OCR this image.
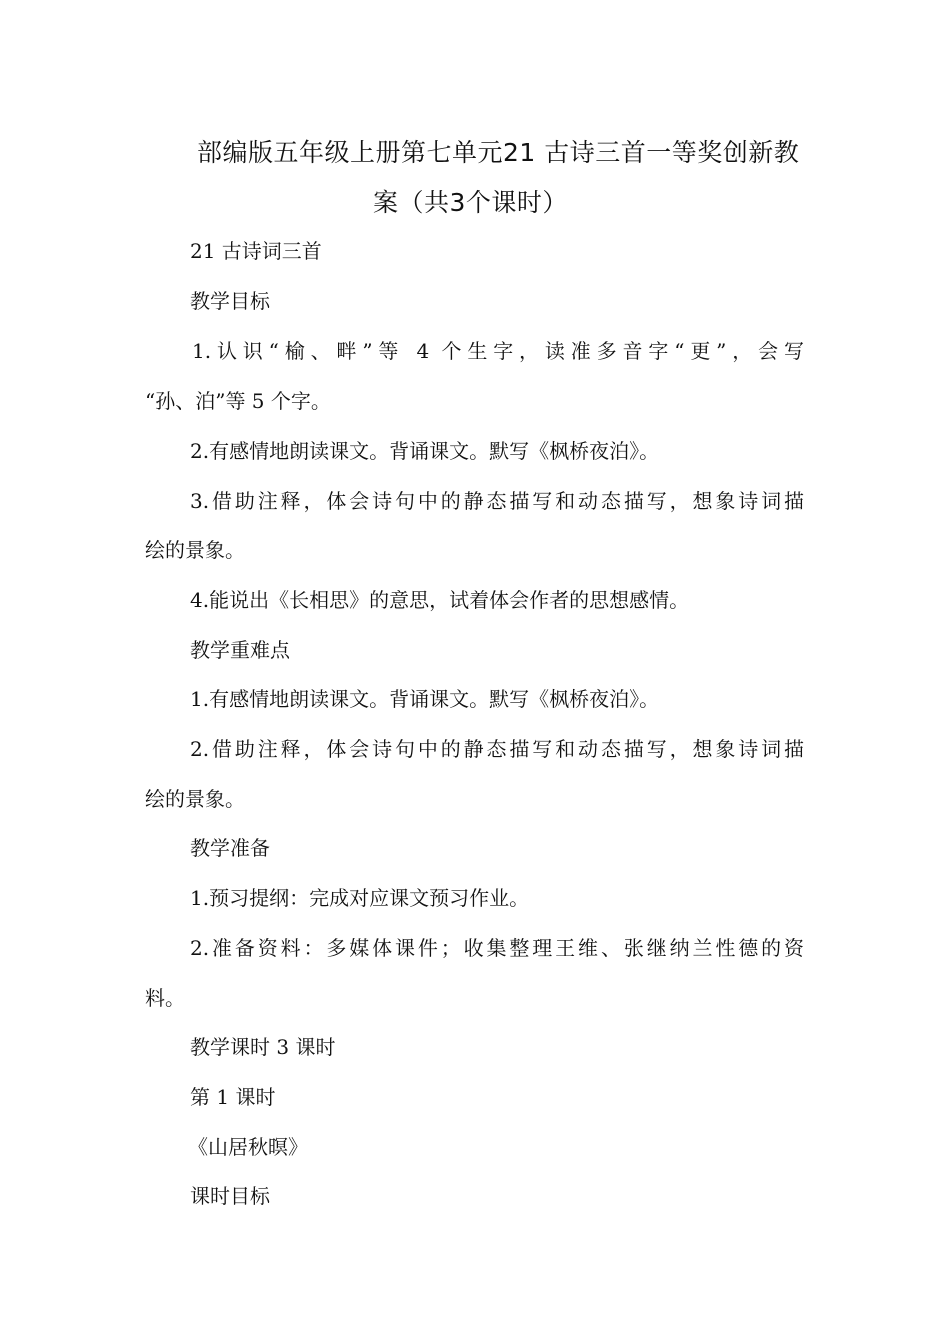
部编版五年级上册第七单元21 古诗三首一等奖创新教
案（共3个课时）

21 古诗词三首

教学目标

1.认识“榆、畔”等 4 个生字，读准多音字“更”，会写

“孙、泊”等 5 个字。

2.有感情地朗读课文。背诵课文。默写《枫桥夜泊》。

3.借助注释，体会诗句中的静态描写和动态描写，想象诗词描

绘的景象。

4.能说出《长相思》的意思，试着体会作者的思想感情。

教学重难点

1.有感情地朗读课文。背诵课文。默写《枫桥夜泊》。

2.借助注释，体会诗句中的静态描写和动态描写，想象诗词描

绘的景象。

教学准备

1.预习提纲：完成对应课文预习作业。

2.准备资料：多媒体课件；收集整理王维、张继纳兰性德的资

料。

教学课时 3 课时

第 1 课时

《山居秋暝》

课时目标
